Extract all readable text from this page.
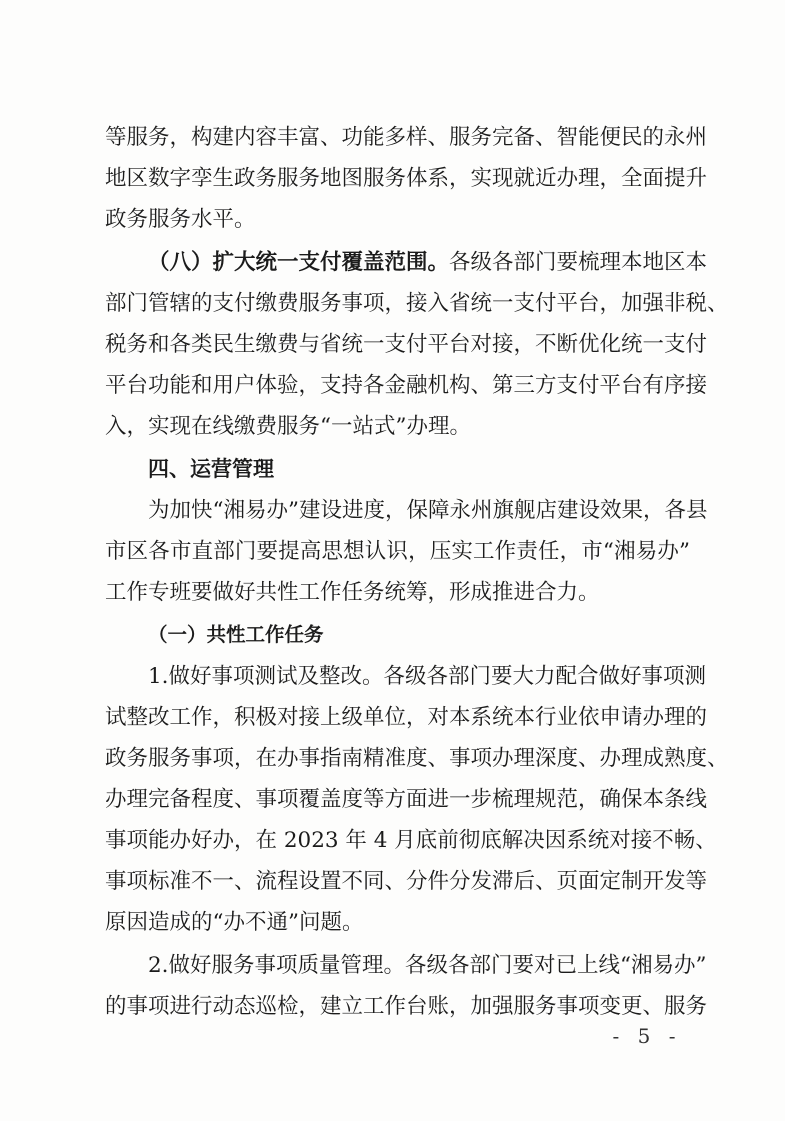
等服务，构建内容丰富、功能多样、服务完备、智能便民的永州
地区数字孪生政务服务地图服务体系，实现就近办理，全面提升
政务服务水平。
（八）扩大统一支付覆盖范围。各级各部门要梳理本地区本
部门管辖的支付缴费服务事项，接入省统一支付平台，加强非税、
税务和各类民生缴费与省统一支付平台对接，不断优化统一支付
平台功能和用户体验，支持各金融机构、第三方支付平台有序接
入，实现在线缴费服务“一站式”办理。
四、运营管理
为加快“湘易办”建设进度，保障永州旗舰店建设效果，各县
市区各市直部门要提高思想认识，压实工作责任，市“湘易办”
工作专班要做好共性工作任务统筹，形成推进合力。
（一）共性工作任务
1.做好事项测试及整改。各级各部门要大力配合做好事项测
试整改工作，积极对接上级单位，对本系统本行业依申请办理的
政务服务事项，在办事指南精准度、事项办理深度、办理成熟度、
办理完备程度、事项覆盖度等方面进一步梳理规范，确保本条线
事项能办好办，在 2023 年 4 月底前彻底解决因系统对接不畅、
事项标准不一、流程设置不同、分件分发滞后、页面定制开发等
原因造成的“办不通”问题。
2.做好服务事项质量管理。各级各部门要对已上线“湘易办”
的事项进行动态巡检，建立工作台账，加强服务事项变更、服务
- 5 -
